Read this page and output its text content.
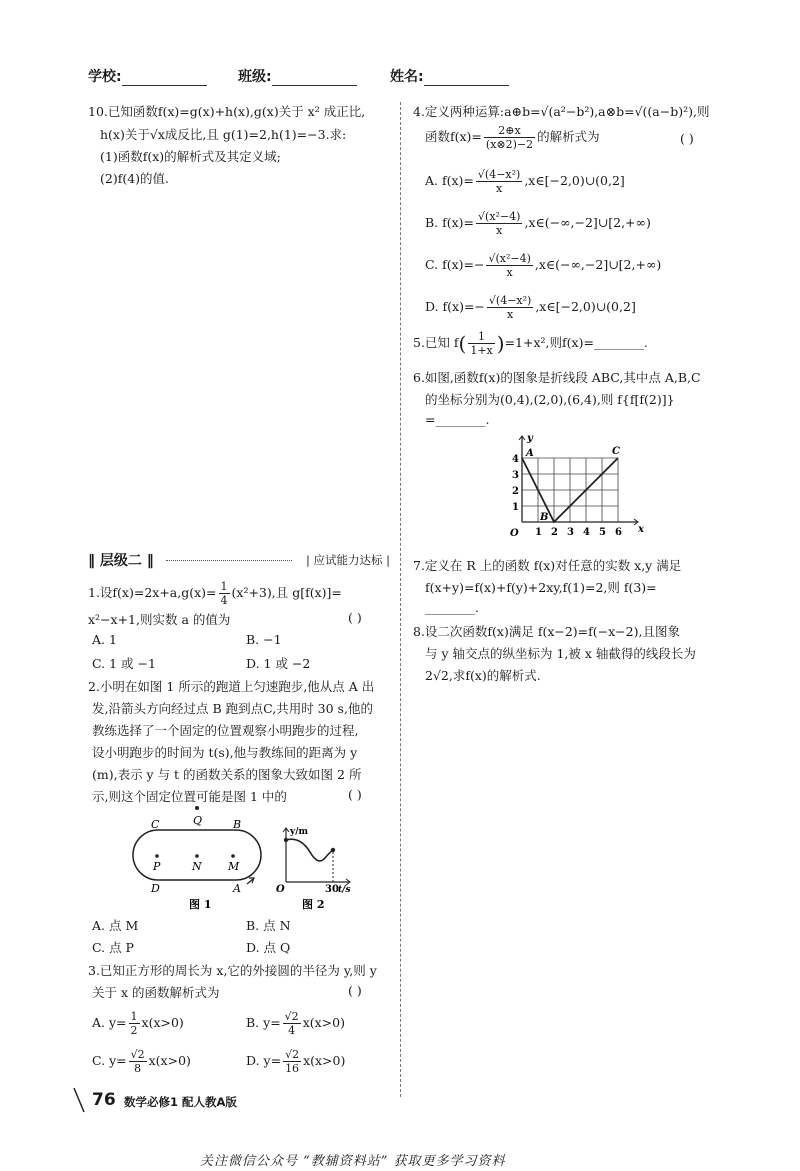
学校:	班级:	姓名:
10.已知函数f(x)=g(x)+h(x),g(x)关于 x² 成正比,
h(x)关于√x成反比,且 g(1)=2,h(1)=−3.求:
(1)函数f(x)的解析式及其定义域;
(2)f(4)的值.
‖ 层级二 ‖	| 应试能力达标 |
1.设$f(x)=2x+a,g(x)= \frac{1}{4} (x^2+3)$,且 g[f(x)]=
x²−x+1,则实数 a 的值为	( )
A. 1	B. −1
C. 1 或 −1	D. 1 或 −2
2.小明在如图 1 所示的跑道上匀速跑步,他从点 A 出
发,沿箭头方向经过点 B 跑到点C,共用时 30 s,他的
教练选择了一个固定的位置观察小明跑步的过程,
设小明跑步的时间为 t(s),他与教练间的距离为 y
(m),表示 y 与 t 的函数关系的图象大致如图 2 所
示,则这个固定位置可能是图 1 中的	( )
Q
C	B
P	N M
D	A
图 1
y/m
O	30 t/s
图 2
A. 点 M	B. 点 N
C. 点 P	D. 点 Q
3.已知正方形的周长为 x,它的外接圆的半径为 y,则 y
关于 x 的函数解析式为	( )
A. $y= \frac{1}{2} x(x>0)$	B. $y= \frac{√2}{4} x(x>0)$
C. $y= \frac{√2}{8} x(x>0)$	D. $y= \frac{√2}{16} x(x>0)$
4.定义两种运算:a⊕b=√(a²−b²),a⊗b=√((a−b)²),则
函数$f(x)= \frac{2\oplus x}{(x\otimes 2)-2}$ 的解析式为	( )
A. $f(x)= \frac{\text{√(4−x²)}}{x}$ ,x∈[−2,0)∪(0,2]
B. $f(x)= \frac{\text{√(x²−4)}}{x}$ ,x∈(−∞,−2]∪[2,+∞)
C. $f(x)=- \frac{\text{√(x²−4)}}{x}$ ,x∈(−∞,−2]∪[2,+∞)
D. $f(x)=- \frac{\text{√(4−x²)}}{x}$ ,x∈[−2,0)∪(0,2]
5.已知 $f( \frac{1}{1+x} )=1+x^2$,则f(x)=________.
6.如图,函数f(x)的图象是折线段 ABC,其中点 A,B,C
的坐标分别为(0,4),(2,0),(6,4),则 f{f[f(2)]}
=________.
y
x
O 1 2 3 4 5 6
1
2
3
4
A
B
C
7.定义在 R 上的函数 f(x)对任意的实数 x,y 满足
f(x+y)=f(x)+f(y)+2xy,f(1)=2,则 f(3)=
________.
8.设二次函数f(x)满足 f(x−2)=f(−x−2),且图象
与 y 轴交点的纵坐标为 1,被 x 轴截得的线段长为
2√2,求f(x)的解析式.
76 数学必修1 配人教A版
关注微信公众号 “教辅资料站” 获取更多学习资料
